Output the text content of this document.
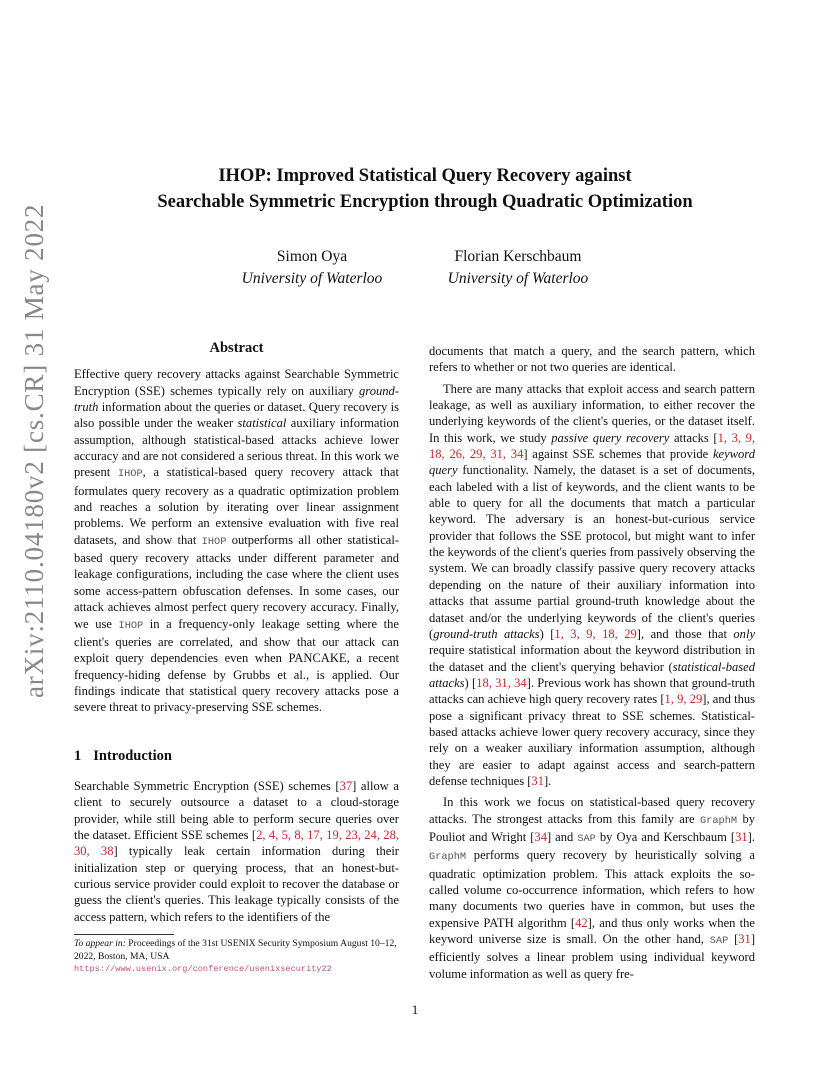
arXiv:2110.04180v2 [cs.CR] 31 May 2022
IHOP: Improved Statistical Query Recovery against
Searchable Symmetric Encryption through Quadratic Optimization
Simon Oya
University of Waterloo
Florian Kerschbaum
University of Waterloo
Abstract

Effective query recovery attacks against Searchable Symmetric Encryption (SSE) schemes typically rely on auxiliary ground-truth information about the queries or dataset. Query recovery is also possible under the weaker statistical auxiliary information assumption, although statistical-based attacks achieve lower accuracy and are not considered a serious threat. In this work we present IHOP, a statistical-based query recovery attack that formulates query recovery as a quadratic optimization problem and reaches a solution by iterating over linear assignment problems. We perform an extensive evaluation with five real datasets, and show that IHOP outperforms all other statistical-based query recovery attacks under different parameter and leakage configurations, including the case where the client uses some access-pattern obfuscation defenses. In some cases, our attack achieves almost perfect query recovery accuracy. Finally, we use IHOP in a frequency-only leakage setting where the client's queries are correlated, and show that our attack can exploit query dependencies even when PANCAKE, a recent frequency-hiding defense by Grubbs et al., is applied. Our findings indicate that statistical query recovery attacks pose a severe threat to privacy-preserving SSE schemes.

1 Introduction

Searchable Symmetric Encryption (SSE) schemes [37] allow a client to securely outsource a dataset to a cloud-storage provider, while still being able to perform secure queries over the dataset. Efficient SSE schemes [2, 4, 5, 8, 17, 19, 23, 24, 28, 30, 38] typically leak certain information during their initialization step or querying process, that an honest-but-curious service provider could exploit to recover the database or guess the client's queries. This leakage typically consists of the access pattern, which refers to the identifiers of the

documents that match a query, and the search pattern, which refers to whether or not two queries are identical.

There are many attacks that exploit access and search pattern leakage, as well as auxiliary information, to either recover the underlying keywords of the client's queries, or the dataset itself. In this work, we study passive query recovery attacks [1, 3, 9, 18, 26, 29, 31, 34] against SSE schemes that provide keyword query functionality. Namely, the dataset is a set of documents, each labeled with a list of keywords, and the client wants to be able to query for all the documents that match a particular keyword. The adversary is an honest-but-curious service provider that follows the SSE protocol, but might want to infer the keywords of the client's queries from passively observing the system. We can broadly classify passive query recovery attacks depending on the nature of their auxiliary information into attacks that assume partial ground-truth knowledge about the dataset and/or the underlying keywords of the client's queries (ground-truth attacks) [1, 3, 9, 18, 29], and those that only require statistical information about the keyword distribution in the dataset and the client's querying behavior (statistical-based attacks) [18, 31, 34]. Previous work has shown that ground-truth attacks can achieve high query recovery rates [1, 9, 29], and thus pose a significant privacy threat to SSE schemes. Statistical-based attacks achieve lower query recovery accuracy, since they rely on a weaker auxiliary information assumption, although they are easier to adapt against access and search-pattern defense techniques [31].

In this work we focus on statistical-based query recovery attacks. The strongest attacks from this family are GraphM by Pouliot and Wright [34] and SAP by Oya and Kerschbaum [31]. GraphM performs query recovery by heuristically solving a quadratic optimization problem. This attack exploits the so-called volume co-occurrence information, which refers to how many documents two queries have in common, but uses the expensive PATH algorithm [42], and thus only works when the keyword universe size is small. On the other hand, SAP [31] efficiently solves a linear problem using individual keyword volume information as well as query fre-

To appear in: Proceedings of the 31st USENIX Security Symposium August 10–12, 2022, Boston, MA, USA
https://www.usenix.org/conference/usenixsecurity22
1
